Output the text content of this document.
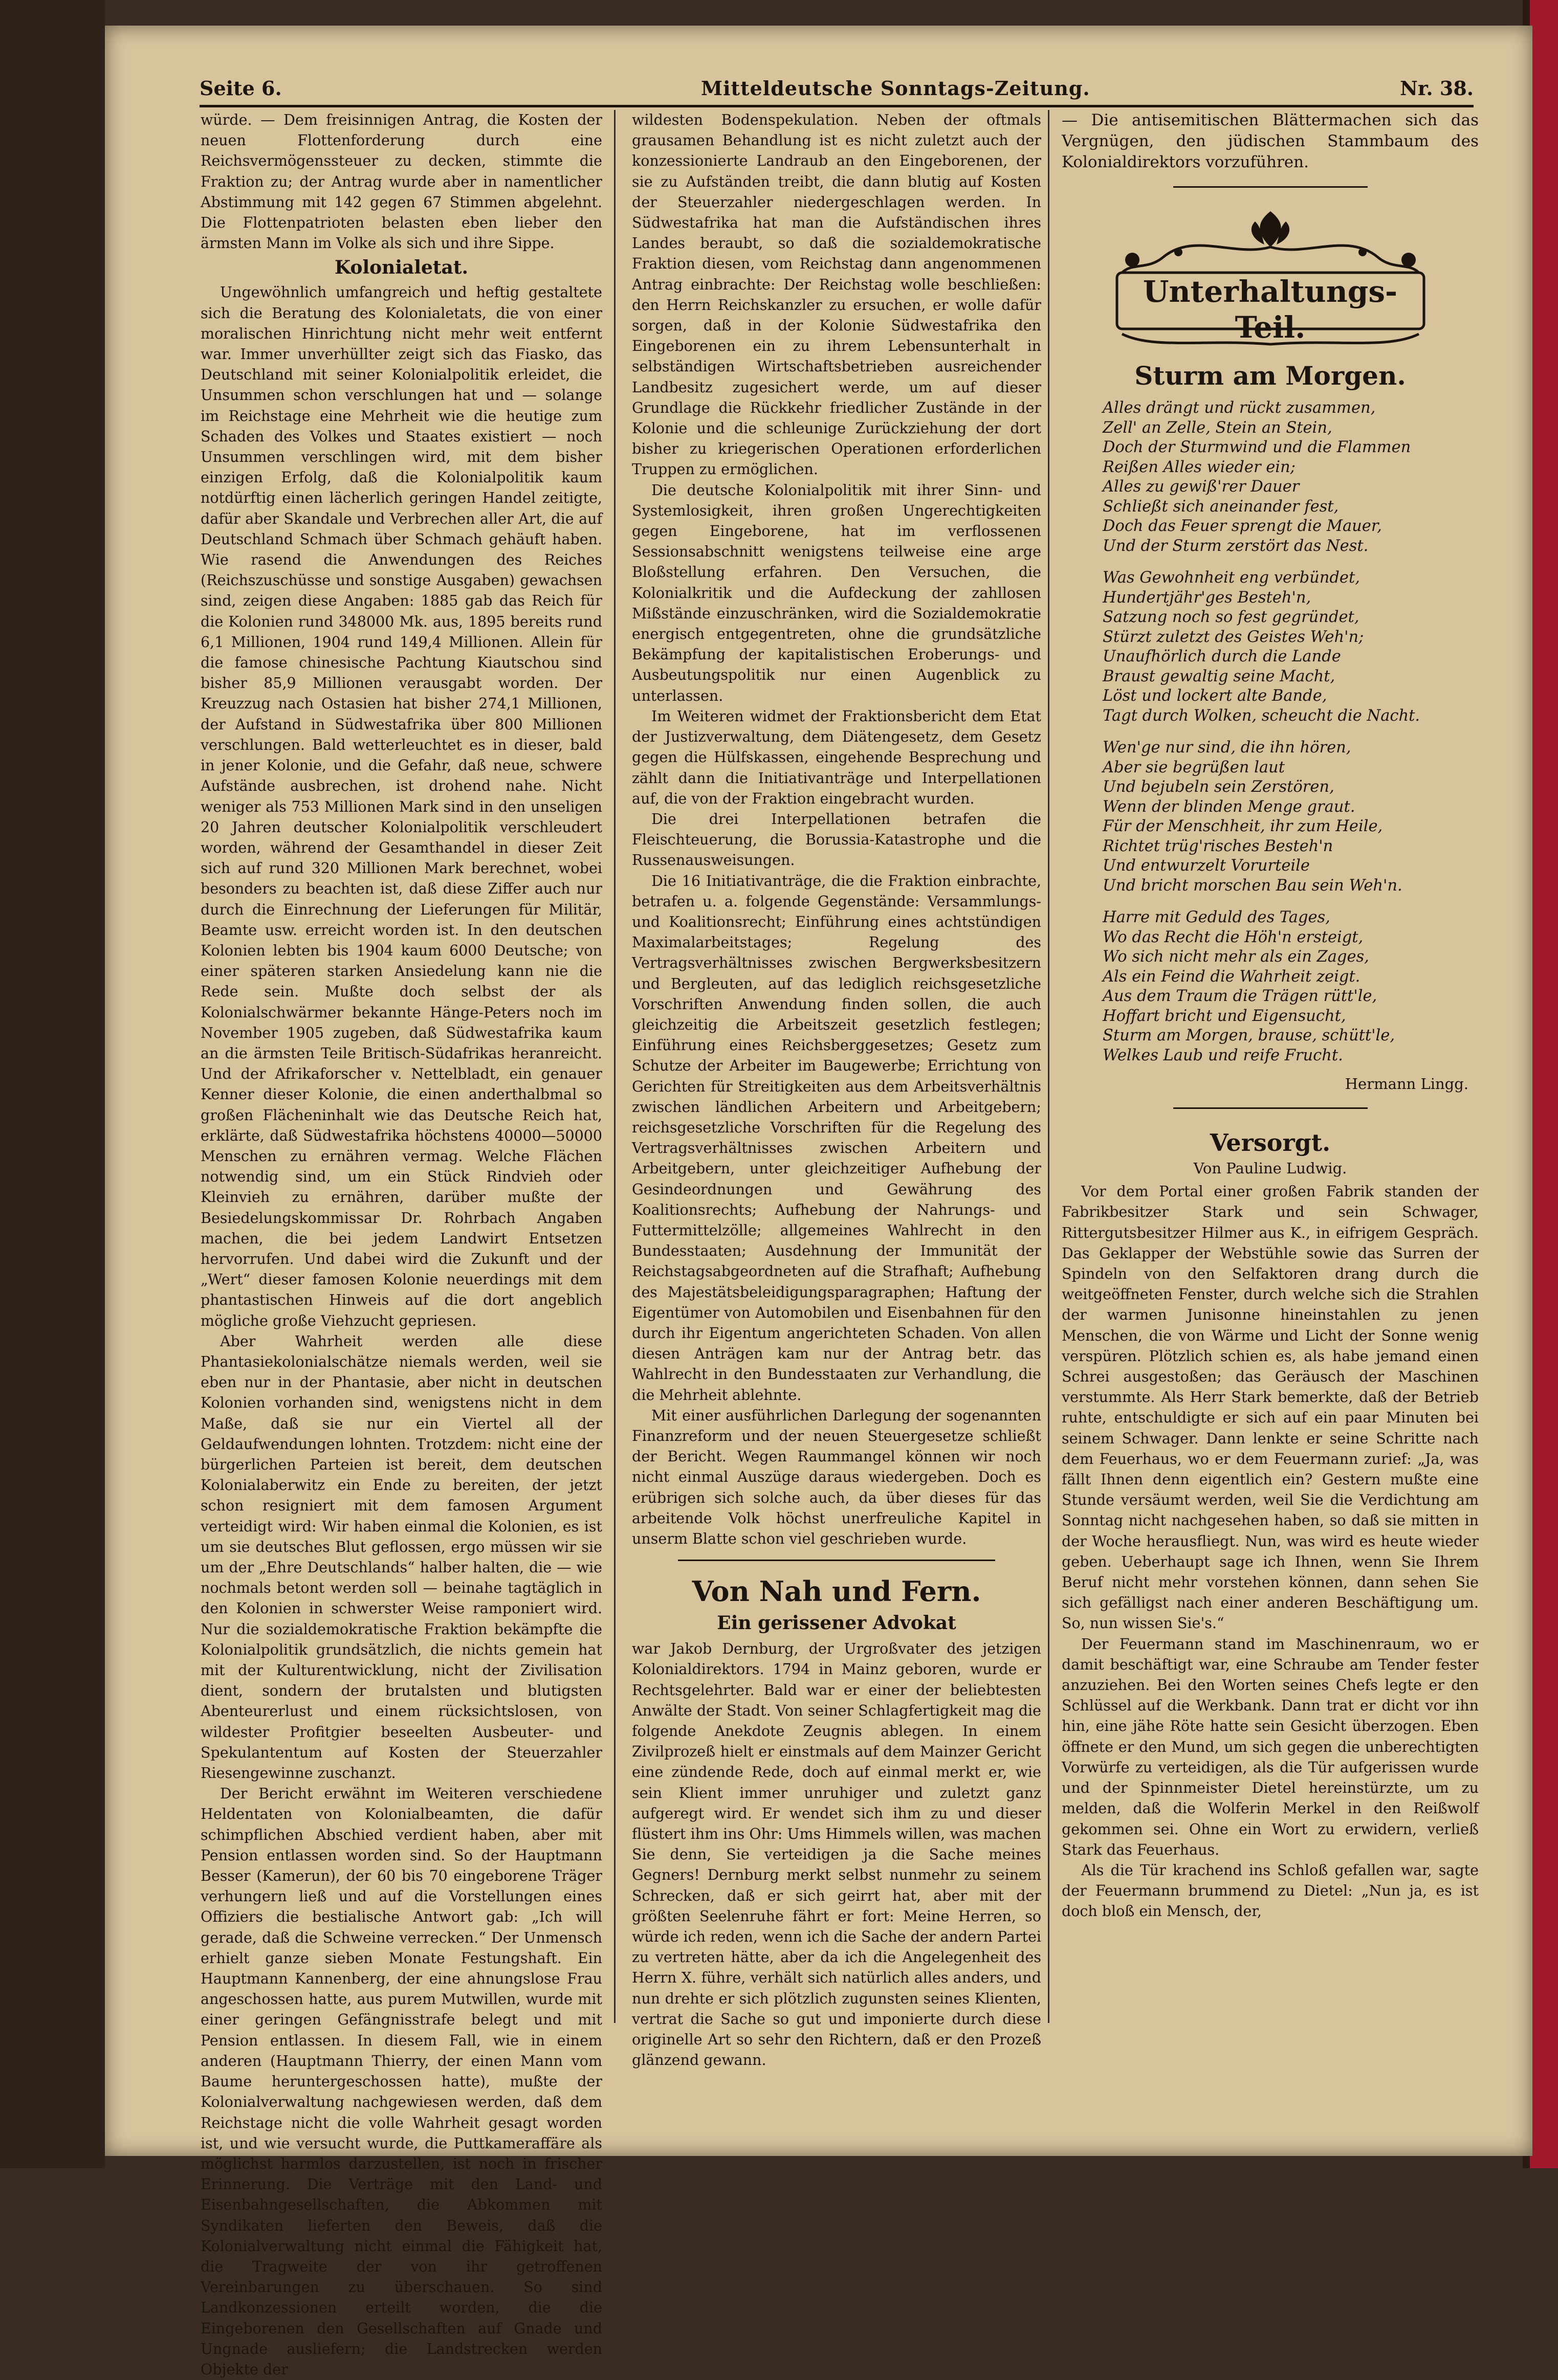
Seite 6.	Mitteldeutsche Sonntags-Zeitung.	Nr. 38.

würde. — Dem freisinnigen Antrag, die Kosten der neuen Flottenforderung durch eine Reichsvermögenssteuer zu decken, stimmte die Fraktion zu; der Antrag wurde aber in namentlicher Abstimmung mit 142 gegen 67 Stimmen abgelehnt. Die Flottenpatrioten belasten eben lieber den ärmsten Mann im Volke als sich und ihre Sippe.

Kolonialetat.

Ungewöhnlich umfangreich und heftig gestaltete sich die Beratung des Kolonialetats, die von einer moralischen Hinrichtung nicht mehr weit entfernt war. Immer unverhüllter zeigt sich das Fiasko, das Deutschland mit seiner Kolonialpolitik erleidet, die Unsummen schon verschlungen hat und — solange im Reichstage eine Mehrheit wie die heutige zum Schaden des Volkes und Staates existiert — noch Unsummen verschlingen wird, mit dem bisher einzigen Erfolg, daß die Kolonialpolitik kaum notdürftig einen lächerlich geringen Handel zeitigte, dafür aber Skandale und Verbrechen aller Art, die auf Deutschland Schmach über Schmach gehäuft haben. Wie rasend die Anwendungen des Reiches (Reichszuschüsse und sonstige Ausgaben) gewachsen sind, zeigen diese Angaben: 1885 gab das Reich für die Kolonien rund 348000 Mk. aus, 1895 bereits rund 6,1 Millionen, 1904 rund 149,4 Millionen. Allein für die famose chinesische Pachtung Kiautschou sind bisher 85,9 Millionen verausgabt worden. Der Kreuzzug nach Ostasien hat bisher 274,1 Millionen, der Aufstand in Südwestafrika über 800 Millionen verschlungen. Bald wetterleuchtet es in dieser, bald in jener Kolonie, und die Gefahr, daß neue, schwere Aufstände ausbrechen, ist drohend nahe. Nicht weniger als 753 Millionen Mark sind in den unseligen 20 Jahren deutscher Kolonialpolitik verschleudert worden, während der Gesamthandel in dieser Zeit sich auf rund 320 Millionen Mark berechnet, wobei besonders zu beachten ist, daß diese Ziffer auch nur durch die Einrechnung der Lieferungen für Militär, Beamte usw. erreicht worden ist. In den deutschen Kolonien lebten bis 1904 kaum 6000 Deutsche; von einer späteren starken Ansiedelung kann nie die Rede sein. Mußte doch selbst der als Kolonialschwärmer bekannte Hänge-Peters noch im November 1905 zugeben, daß Südwestafrika kaum an die ärmsten Teile Britisch-Südafrikas heranreicht. Und der Afrikaforscher v. Nettelbladt, ein genauer Kenner dieser Kolonie, die einen anderthalbmal so großen Flächeninhalt wie das Deutsche Reich hat, erklärte, daß Südwestafrika höchstens 40000—50000 Menschen zu ernähren vermag. Welche Flächen notwendig sind, um ein Stück Rindvieh oder Kleinvieh zu ernähren, darüber mußte der Besiedelungskommissar Dr. Rohrbach Angaben machen, die bei jedem Landwirt Entsetzen hervorrufen. Und dabei wird die Zukunft und der „Wert“ dieser famosen Kolonie neuerdings mit dem phantastischen Hinweis auf die dort angeblich mögliche große Viehzucht gepriesen.

Aber Wahrheit werden alle diese Phantasiekolonialschätze niemals werden, weil sie eben nur in der Phantasie, aber nicht in deutschen Kolonien vorhanden sind, wenigstens nicht in dem Maße, daß sie nur ein Viertel all der Geldaufwendungen lohnten. Trotzdem: nicht eine der bürgerlichen Parteien ist bereit, dem deutschen Kolonialaberwitz ein Ende zu bereiten, der jetzt schon resigniert mit dem famosen Argument verteidigt wird: Wir haben einmal die Kolonien, es ist um sie deutsches Blut geflossen, ergo müssen wir sie um der „Ehre Deutschlands“ halber halten, die — wie nochmals betont werden soll — beinahe tagtäglich in den Kolonien in schwerster Weise ramponiert wird. Nur die sozialdemokratische Fraktion bekämpfte die Kolonialpolitik grundsätzlich, die nichts gemein hat mit der Kulturentwicklung, nicht der Zivilisation dient, sondern der brutalsten und blutigsten Abenteurerlust und einem rücksichtslosen, von wildester Profitgier beseelten Ausbeuter- und Spekulantentum auf Kosten der Steuerzahler Riesengewinne zuschanzt.

Der Bericht erwähnt im Weiteren verschiedene Heldentaten von Kolonialbeamten, die dafür schimpflichen Abschied verdient haben, aber mit Pension entlassen worden sind. So der Hauptmann Besser (Kamerun), der 60 bis 70 eingeborene Träger verhungern ließ und auf die Vorstellungen eines Offiziers die bestialische Antwort gab: „Ich will gerade, daß die Schweine verrecken.“ Der Unmensch erhielt ganze sieben Monate Festungshaft. Ein Hauptmann Kannenberg, der eine ahnungslose Frau angeschossen hatte, aus purem Mutwillen, wurde mit einer geringen Gefängnisstrafe belegt und mit Pension entlassen. In diesem Fall, wie in einem anderen (Hauptmann Thierry, der einen Mann vom Baume heruntergeschossen hatte), mußte der Kolonialverwaltung nachgewiesen werden, daß dem Reichstage nicht die volle Wahrheit gesagt worden ist, und wie versucht wurde, die Puttkameraffäre als möglichst harmlos darzustellen, ist noch in frischer Erinnerung. Die Verträge mit den Land- und Eisenbahngesellschaften, die Abkommen mit Syndikaten lieferten den Beweis, daß die Kolonialverwaltung nicht einmal die Fähigkeit hat, die Tragweite der von ihr getroffenen Vereinbarungen zu überschauen. So sind Landkonzessionen erteilt worden, die die Eingeborenen den Gesellschaften auf Gnade und Ungnade ausliefern; die Landstrecken werden Objekte der

wildesten Bodenspekulation. Neben der oftmals grausamen Behandlung ist es nicht zuletzt auch der konzessionierte Landraub an den Eingeborenen, der sie zu Aufständen treibt, die dann blutig auf Kosten der Steuerzahler niedergeschlagen werden. In Südwestafrika hat man die Aufständischen ihres Landes beraubt, so daß die sozialdemokratische Fraktion diesen, vom Reichstag dann angenommenen Antrag einbrachte: Der Reichstag wolle beschließen: den Herrn Reichskanzler zu ersuchen, er wolle dafür sorgen, daß in der Kolonie Südwestafrika den Eingeborenen ein zu ihrem Lebensunterhalt in selbständigen Wirtschaftsbetrieben ausreichender Landbesitz zugesichert werde, um auf dieser Grundlage die Rückkehr friedlicher Zustände in der Kolonie und die schleunige Zurückziehung der dort bisher zu kriegerischen Operationen erforderlichen Truppen zu ermöglichen.

Die deutsche Kolonialpolitik mit ihrer Sinn- und Systemlosigkeit, ihren großen Ungerechtigkeiten gegen Eingeborene, hat im verflossenen Sessionsabschnitt wenigstens teilweise eine arge Bloßstellung erfahren. Den Versuchen, die Kolonialkritik und die Aufdeckung der zahllosen Mißstände einzuschränken, wird die Sozialdemokratie energisch entgegentreten, ohne die grundsätzliche Bekämpfung der kapitalistischen Eroberungs- und Ausbeutungspolitik nur einen Augenblick zu unterlassen.

Im Weiteren widmet der Fraktionsbericht dem Etat der Justizverwaltung, dem Diätengesetz, dem Gesetz gegen die Hülfskassen, eingehende Besprechung und zählt dann die Initiativanträge und Interpellationen auf, die von der Fraktion eingebracht wurden.

Die drei Interpellationen betrafen die Fleischteuerung, die Borussia-Katastrophe und die Russenausweisungen.

Die 16 Initiativanträge, die die Fraktion einbrachte, betrafen u. a. folgende Gegenstände: Versammlungs- und Koalitionsrecht; Einführung eines achtstündigen Maximalarbeitstages; Regelung des Vertragsverhältnisses zwischen Bergwerksbesitzern und Bergleuten, auf das lediglich reichsgesetzliche Vorschriften Anwendung finden sollen, die auch gleichzeitig die Arbeitszeit gesetzlich festlegen; Einführung eines Reichsberggesetzes; Gesetz zum Schutze der Arbeiter im Baugewerbe; Errichtung von Gerichten für Streitigkeiten aus dem Arbeitsverhältnis zwischen ländlichen Arbeitern und Arbeitgebern; reichsgesetzliche Vorschriften für die Regelung des Vertragsverhältnisses zwischen Arbeitern und Arbeitgebern, unter gleichzeitiger Aufhebung der Gesindeordnungen und Gewährung des Koalitionsrechts; Aufhebung der Nahrungs- und Futtermittelzölle; allgemeines Wahlrecht in den Bundesstaaten; Ausdehnung der Immunität der Reichstagsabgeordneten auf die Strafhaft; Aufhebung des Majestätsbeleidigungsparagraphen; Haftung der Eigentümer von Automobilen und Eisenbahnen für den durch ihr Eigentum angerichteten Schaden. Von allen diesen Anträgen kam nur der Antrag betr. das Wahlrecht in den Bundesstaaten zur Verhandlung, die die Mehrheit ablehnte.

Mit einer ausführlichen Darlegung der sogenannten Finanzreform und der neuen Steuergesetze schließt der Bericht. Wegen Raummangel können wir noch nicht einmal Auszüge daraus wiedergeben. Doch es erübrigen sich solche auch, da über dieses für das arbeitende Volk höchst unerfreuliche Kapitel in unserm Blatte schon viel geschrieben wurde.

Von Nah und Fern.
Ein gerissener Advokat

war Jakob Dernburg, der Urgroßvater des jetzigen Kolonialdirektors. 1794 in Mainz geboren, wurde er Rechtsgelehrter. Bald war er einer der beliebtesten Anwälte der Stadt. Von seiner Schlagfertigkeit mag die folgende Anekdote Zeugnis ablegen. In einem Zivilprozeß hielt er einstmals auf dem Mainzer Gericht eine zündende Rede, doch auf einmal merkt er, wie sein Klient immer unruhiger und zuletzt ganz aufgeregt wird. Er wendet sich ihm zu und dieser flüstert ihm ins Ohr: Ums Himmels willen, was machen Sie denn, Sie verteidigen ja die Sache meines Gegners! Dernburg merkt selbst nunmehr zu seinem Schrecken, daß er sich geirrt hat, aber mit der größten Seelenruhe fährt er fort: Meine Herren, so würde ich reden, wenn ich die Sache der andern Partei zu vertreten hätte, aber da ich die Angelegenheit des Herrn X. führe, verhält sich natürlich alles anders, und nun drehte er sich plötzlich zugunsten seines Klienten, vertrat die Sache so gut und imponierte durch diese originelle Art so sehr den Richtern, daß er den Prozeß glänzend gewann.

— Die antisemitischen Blättermachen sich das Vergnügen, den jüdischen Stammbaum des Kolonialdirektors vorzuführen.

Unterhaltungs-Teil.
Sturm am Morgen.
Alles drängt und rückt zusammen,
Zell' an Zelle, Stein an Stein,
Doch der Sturmwind und die Flammen
Reißen Alles wieder ein;
Alles zu gewiß'rer Dauer
Schließt sich aneinander fest,
Doch das Feuer sprengt die Mauer,
Und der Sturm zerstört das Nest.
Was Gewohnheit eng verbündet,
Hundertjähr'ges Besteh'n,
Satzung noch so fest gegründet,
Stürzt zuletzt des Geistes Weh'n;
Unaufhörlich durch die Lande
Braust gewaltig seine Macht,
Löst und lockert alte Bande,
Tagt durch Wolken, scheucht die Nacht.
Wen'ge nur sind, die ihn hören,
Aber sie begrüßen laut
Und bejubeln sein Zerstören,
Wenn der blinden Menge graut.
Für der Menschheit, ihr zum Heile,
Richtet trüg'risches Besteh'n
Und entwurzelt Vorurteile
Und bricht morschen Bau sein Weh'n.
Harre mit Geduld des Tages,
Wo das Recht die Höh'n ersteigt,
Wo sich nicht mehr als ein Zages,
Als ein Feind die Wahrheit zeigt.
Aus dem Traum die Trägen rütt'le,
Hoffart bricht und Eigensucht,
Sturm am Morgen, brause, schütt'le,
Welkes Laub und reife Frucht.
Hermann Lingg.
Versorgt.
Von Pauline Ludwig.

Vor dem Portal einer großen Fabrik standen der Fabrikbesitzer Stark und sein Schwager, Rittergutsbesitzer Hilmer aus K., in eifrigem Gespräch. Das Geklapper der Webstühle sowie das Surren der Spindeln von den Selfaktoren drang durch die weitgeöffneten Fenster, durch welche sich die Strahlen der warmen Junisonne hineinstahlen zu jenen Menschen, die von Wärme und Licht der Sonne wenig verspüren. Plötzlich schien es, als habe jemand einen Schrei ausgestoßen; das Geräusch der Maschinen verstummte. Als Herr Stark bemerkte, daß der Betrieb ruhte, entschuldigte er sich auf ein paar Minuten bei seinem Schwager. Dann lenkte er seine Schritte nach dem Feuerhaus, wo er dem Feuermann zurief: „Ja, was fällt Ihnen denn eigentlich ein? Gestern mußte eine Stunde versäumt werden, weil Sie die Verdichtung am Sonntag nicht nachgesehen haben, so daß sie mitten in der Woche herausfliegt. Nun, was wird es heute wieder geben. Ueberhaupt sage ich Ihnen, wenn Sie Ihrem Beruf nicht mehr vorstehen können, dann sehen Sie sich gefälligst nach einer anderen Beschäftigung um. So, nun wissen Sie's.“

Der Feuermann stand im Maschinenraum, wo er damit beschäftigt war, eine Schraube am Tender fester anzuziehen. Bei den Worten seines Chefs legte er den Schlüssel auf die Werkbank. Dann trat er dicht vor ihn hin, eine jähe Röte hatte sein Gesicht überzogen. Eben öffnete er den Mund, um sich gegen die unberechtigten Vorwürfe zu verteidigen, als die Tür aufgerissen wurde und der Spinnmeister Dietel hereinstürzte, um zu melden, daß die Wolferin Merkel in den Reißwolf gekommen sei. Ohne ein Wort zu erwidern, verließ Stark das Feuerhaus.

Als die Tür krachend ins Schloß gefallen war, sagte der Feuermann brummend zu Dietel: „Nun ja, es ist doch bloß ein Mensch, der,
